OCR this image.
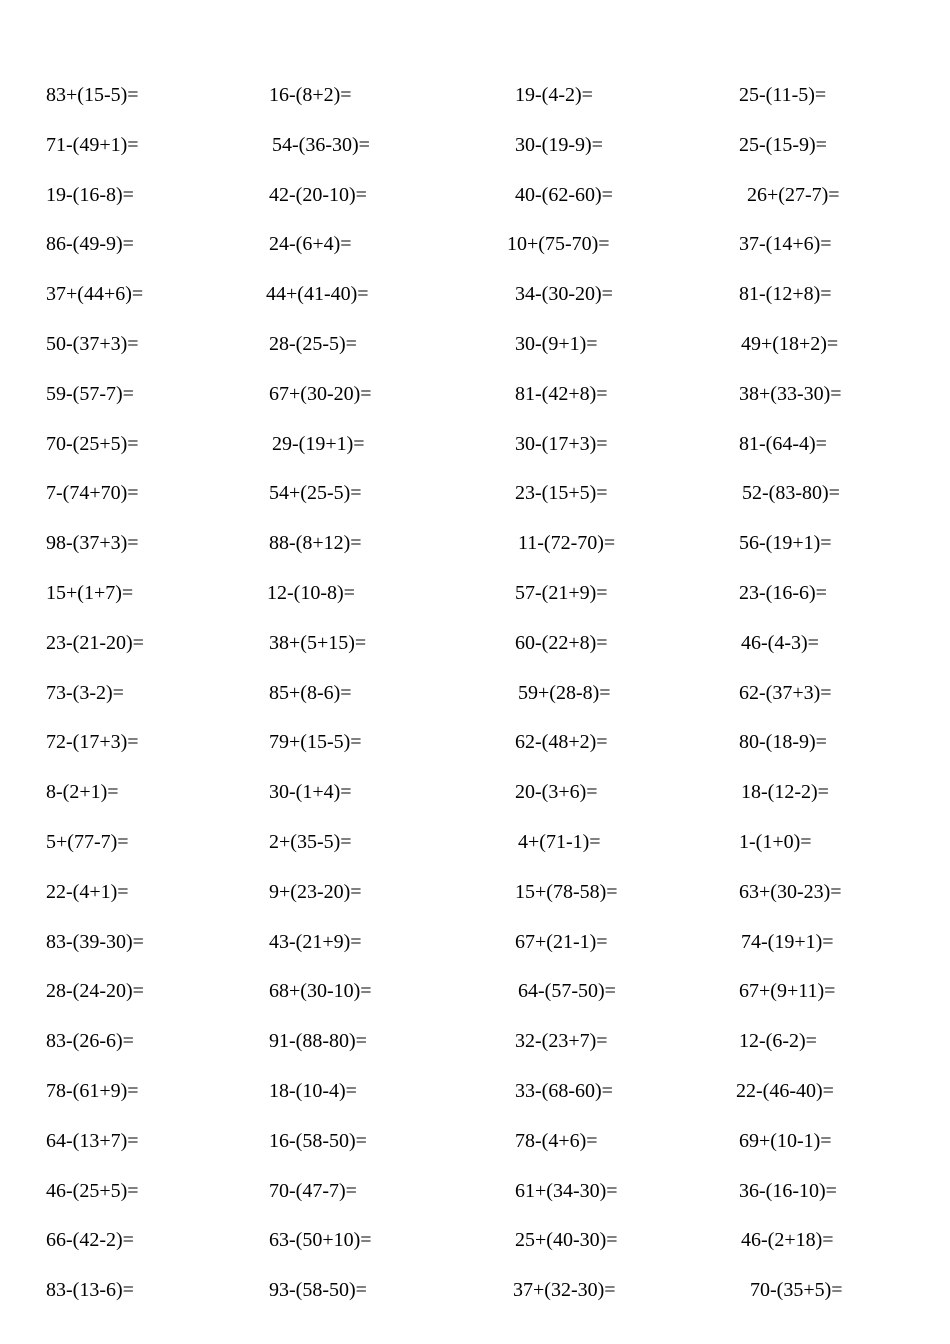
83+(15-5)=	16-(8+2)=	19-(4-2)=	25-(11-5)=
71-(49+1)=	54-(36-30)=	30-(19-9)=	25-(15-9)=
19-(16-8)=	42-(20-10)=	40-(62-60)=	26+(27-7)=
86-(49-9)=	24-(6+4)=	10+(75-70)=	37-(14+6)=
37+(44+6)=	44+(41-40)=	34-(30-20)=	81-(12+8)=
50-(37+3)=	28-(25-5)=	30-(9+1)=	49+(18+2)=
59-(57-7)=	67+(30-20)=	81-(42+8)=	38+(33-30)=
70-(25+5)=	29-(19+1)=	30-(17+3)=	81-(64-4)=
7-(74+70)=	54+(25-5)=	23-(15+5)=	52-(83-80)=
98-(37+3)=	88-(8+12)=	11-(72-70)=	56-(19+1)=
15+(1+7)=	12-(10-8)=	57-(21+9)=	23-(16-6)=
23-(21-20)=	38+(5+15)=	60-(22+8)=	46-(4-3)=
73-(3-2)=	85+(8-6)=	59+(28-8)=	62-(37+3)=
72-(17+3)=	79+(15-5)=	62-(48+2)=	80-(18-9)=
8-(2+1)=	30-(1+4)=	20-(3+6)=	18-(12-2)=
5+(77-7)=	2+(35-5)=	4+(71-1)=	1-(1+0)=
22-(4+1)=	9+(23-20)=	15+(78-58)=	63+(30-23)=
83-(39-30)=	43-(21+9)=	67+(21-1)=	74-(19+1)=
28-(24-20)=	68+(30-10)=	64-(57-50)=	67+(9+11)=
83-(26-6)=	91-(88-80)=	32-(23+7)=	12-(6-2)=
78-(61+9)=	18-(10-4)=	33-(68-60)=	22-(46-40)=
64-(13+7)=	16-(58-50)=	78-(4+6)=	69+(10-1)=
46-(25+5)=	70-(47-7)=	61+(34-30)=	36-(16-10)=
66-(42-2)=	63-(50+10)=	25+(40-30)=	46-(2+18)=
83-(13-6)=	93-(58-50)=	37+(32-30)=	70-(35+5)=
